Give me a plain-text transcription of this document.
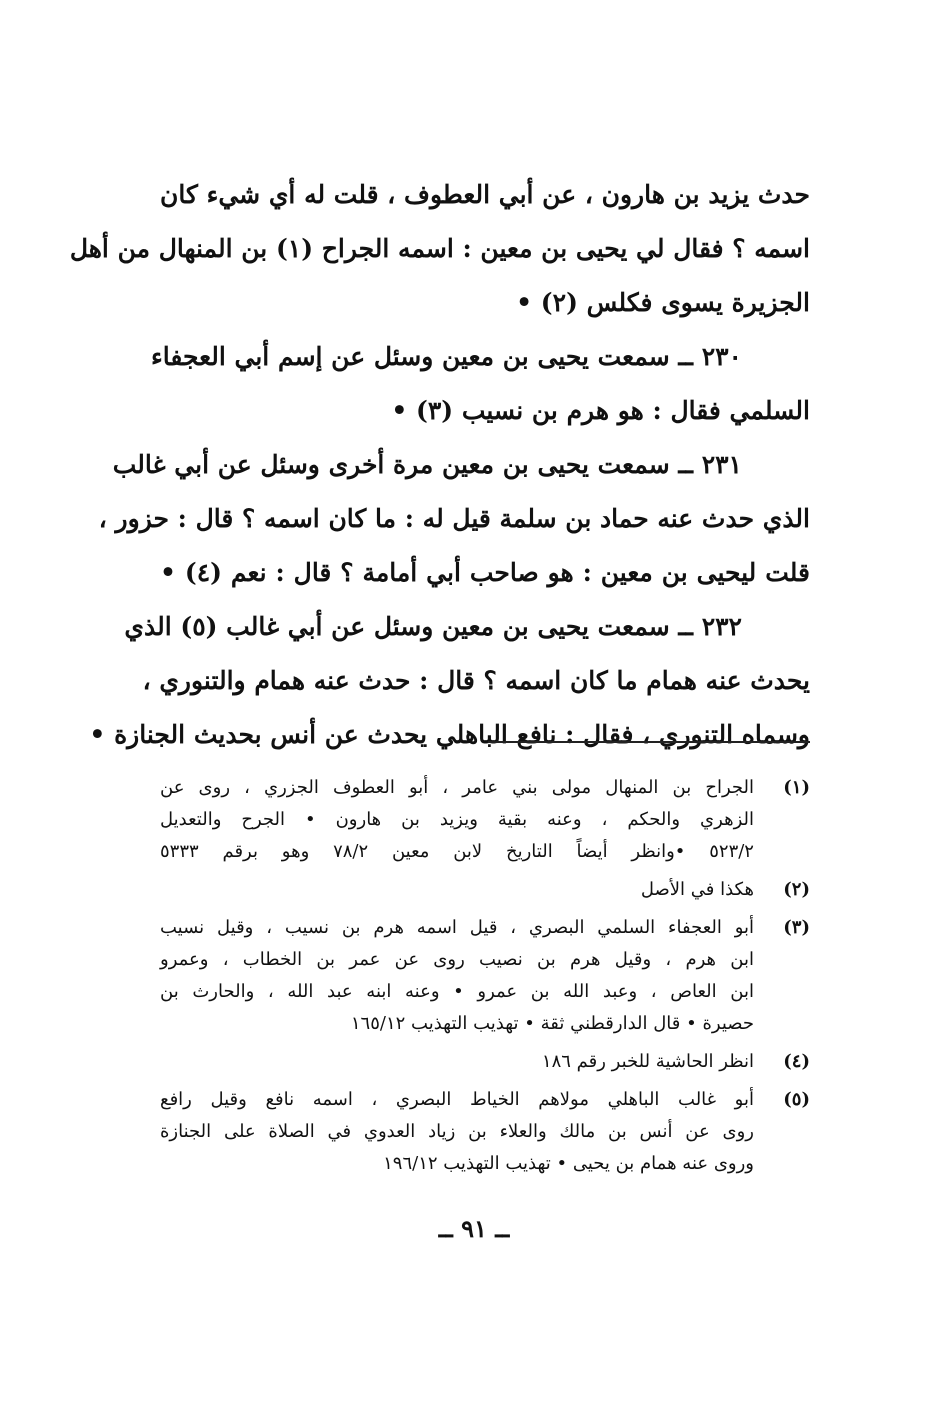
حدث يزيد بن هارون ، عن أبي العطوف ، قلت له أي شيء كان
اسمه ؟ فقال لي يحيى بن معين : اسمه الجراح (١) بن المنهال من أهل
الجزيرة يسوى فكلس (٢) •
٢٣٠ ــ سمعت يحيى بن معين وسئل عن إسم أبي العجفاء
السلمي فقال : هو هرم بن نسيب (٣) •
٢٣١ ــ سمعت يحيى بن معين مرة أخرى وسئل عن أبي غالب
الذي حدث عنه حماد بن سلمة قيل له : ما كان اسمه ؟ قال : حزور ،
قلت ليحيى بن معين : هو صاحب أبي أمامة ؟ قال : نعم (٤) •
٢٣٢ ــ سمعت يحيى بن معين وسئل عن أبي غالب (٥) الذي
يحدث عنه همام ما كان اسمه ؟ قال : حدث عنه همام والتنوري ،
وسماه التنوري ، فقال : نافع الباهلي يحدث عن أنس بحديث الجنازة •
(١)
الجراح بن المنهال مولى بني عامر ، أبو العطوف الجزري ، روى عن
الزهري والحكم ، وعنه بقية ويزيد بن هارون • الجرح والتعديل
٥٢٣/٢ •وانظر أيضاً التاريخ لابن معين ٧٨/٢ وهو برقم ٥٣٣٣
(٢)
هكذا في الأصل
(٣)
أبو العجفاء السلمي البصري ، قيل اسمه هرم بن نسيب ، وقيل نسيب
ابن هرم ، وقيل هرم بن نصيب روى عن عمر بن الخطاب ، وعمرو
ابن العاص ، وعبد الله بن عمرو • وعنه ابنه عبد الله ، والحارث بن
حصيرة • قال الدارقطني ثقة • تهذيب التهذيب ١٦٥/١٢
(٤)
انظر الحاشية للخبر رقم ١٨٦
(٥)
أبو غالب الباهلي مولاهم الخياط البصري ، اسمه نافع وقيل رافع
روى عن أنس بن مالك والعلاء بن زياد العدوي في الصلاة على الجنازة
وروى عنه همام بن يحيى • تهذيب التهذيب ١٩٦/١٢
ــ ٩١ ــ
